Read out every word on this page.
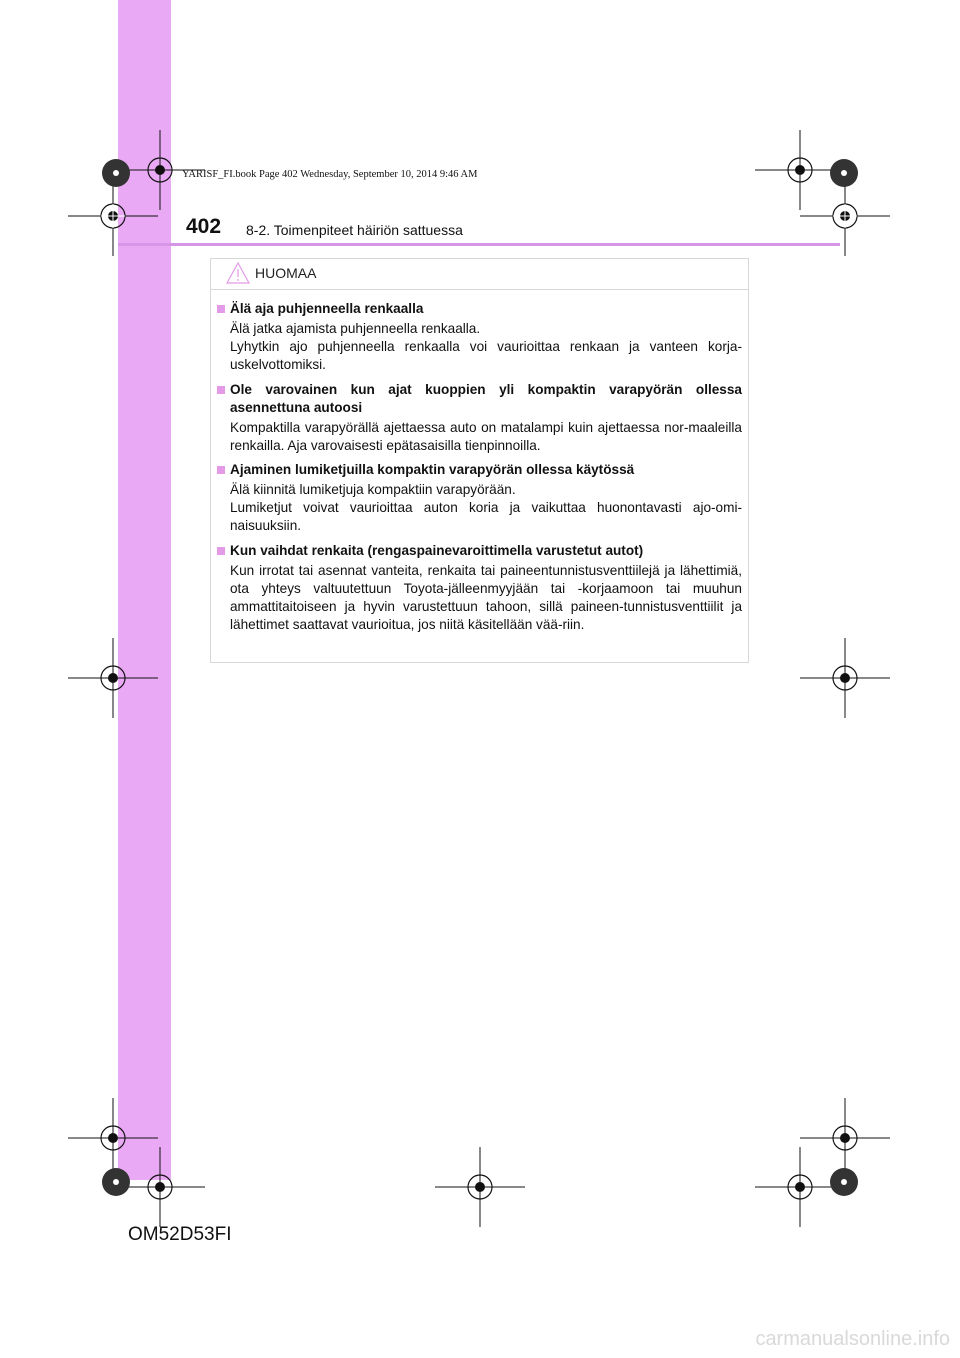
YARISF_FI.book Page 402 Wednesday, September 10, 2014 9:46 AM
402 8-2. Toimenpiteet häiriön sattuessa
HUOMAA
Älä aja puhjenneella renkaalla

Älä jatka ajamista puhjenneella renkaalla.

Lyhytkin ajo puhjenneella renkaalla voi vaurioittaa renkaan ja vanteen korja-uskelvottomiksi.

Ole varovainen kun ajat kuoppien yli kompaktin varapyörän ollessa asennettuna autoosi

Kompaktilla varapyörällä ajettaessa auto on matalampi kuin ajettaessa nor-maaleilla renkailla. Aja varovaisesti epätasaisilla tienpinnoilla.

Ajaminen lumiketjuilla kompaktin varapyörän ollessa käytössä

Älä kiinnitä lumiketjuja kompaktiin varapyörään.

Lumiketjut voivat vaurioittaa auton koria ja vaikuttaa huonontavasti ajo-omi-naisuuksiin.

Kun vaihdat renkaita (rengaspainevaroittimella varustetut autot)

Kun irrotat tai asennat vanteita, renkaita tai paineentunnistusventtiilejä ja lähettimiä, ota yhteys valtuutettuun Toyota-jälleenmyyjään tai -korjaamoon tai muuhun ammattitaitoiseen ja hyvin varustettuun tahoon, sillä paineen-tunnistusventtiilit ja lähettimet saattavat vaurioitua, jos niitä käsitellään vää-riin.

OM52D53FI
carmanualsonline.info
